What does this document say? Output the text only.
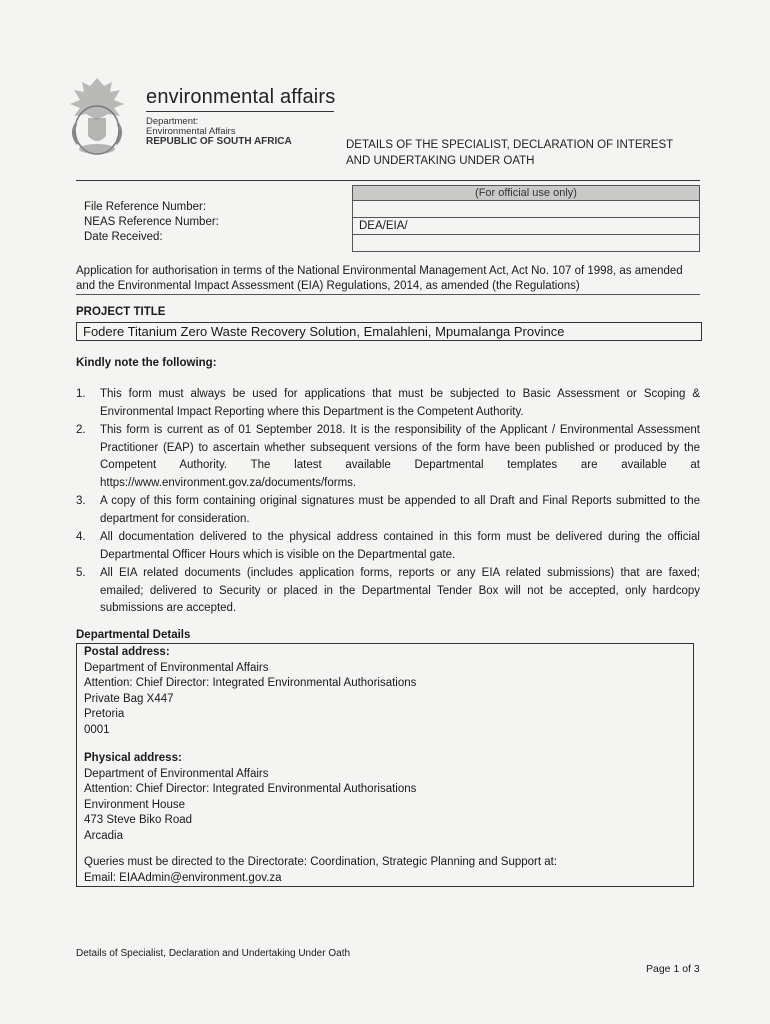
environmental affairs
Department:
Environmental Affairs
REPUBLIC OF SOUTH AFRICA	DETAILS OF THE SPECIALIST, DECLARATION OF INTEREST
AND UNDERTAKING UNDER OATH
File Reference Number:
NEAS Reference Number:
Date Received:
(For official use only)
DEA/EIA/
Application for authorisation in terms of the National Environmental Management Act, Act No. 107 of 1998, as amended and the Environmental Impact Assessment (EIA) Regulations, 2014, as amended (the Regulations)
PROJECT TITLE
Fodere Titanium Zero Waste Recovery Solution, Emalahleni, Mpumalanga Province
Kindly note the following:
1. This form must always be used for applications that must be subjected to Basic Assessment or Scoping & Environmental Impact Reporting where this Department is the Competent Authority.
2. This form is current as of 01 September 2018. It is the responsibility of the Applicant / Environmental Assessment Practitioner (EAP) to ascertain whether subsequent versions of the form have been published or produced by the Competent Authority. The latest available Departmental templates are available at https://www.environment.gov.za/documents/forms.
3. A copy of this form containing original signatures must be appended to all Draft and Final Reports submitted to the department for consideration.
4. All documentation delivered to the physical address contained in this form must be delivered during the official Departmental Officer Hours which is visible on the Departmental gate.
5. All EIA related documents (includes application forms, reports or any EIA related submissions) that are faxed; emailed; delivered to Security or placed in the Departmental Tender Box will not be accepted, only hardcopy submissions are accepted.
Departmental Details
Postal address:
Department of Environmental Affairs
Attention: Chief Director: Integrated Environmental Authorisations
Private Bag X447
Pretoria
0001
Physical address:
Department of Environmental Affairs
Attention: Chief Director: Integrated Environmental Authorisations
Environment House
473 Steve Biko Road
Arcadia
Queries must be directed to the Directorate: Coordination, Strategic Planning and Support at:
Email: EIAAdmin@environment.gov.za
Details of Specialist, Declaration and Undertaking Under Oath
Page 1 of 3
